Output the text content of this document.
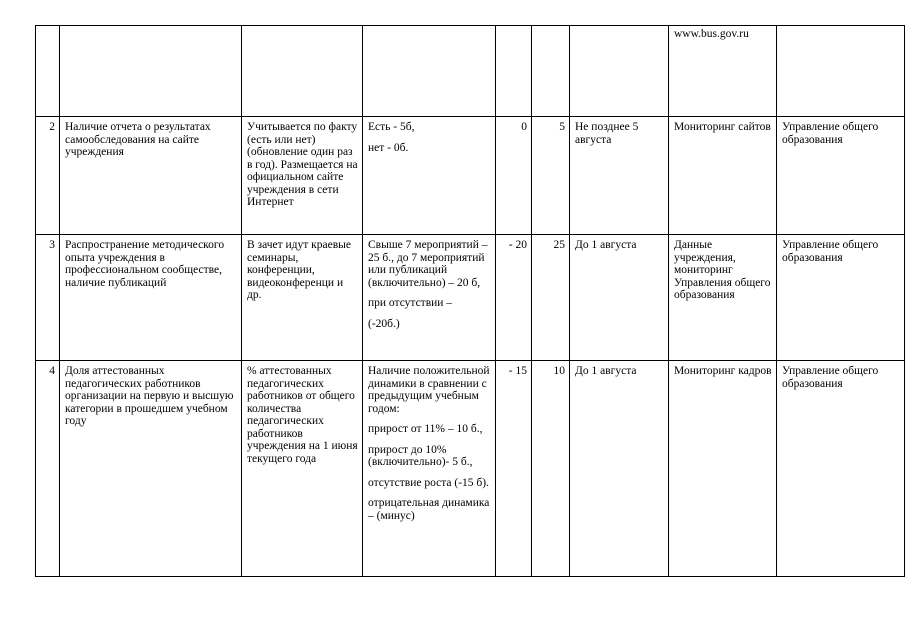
							www.bus.gov.ru	
2	Наличие отчета о результатах самообследования на сайте учреждения	Учитывается по факту (есть или нет) (обновление один раз в год). Размещается на официальном сайте учреждения в сети Интернет	Есть - 5б,

нет - 0б.	0	5	Не позднее 5 августа	Мониторинг сайтов	Управление общего образования
3	Распространение методического опыта учреждения в профессиональном сообществе, наличие публикаций	В зачет идут краевые семинары, конференции, видеоконференци и др.	Свыше 7 мероприятий – 25 б., до 7 мероприятий или публикаций (включительно) – 20 б,

при отсутствии –

(-20б.)	- 20	25	До 1 августа	Данные учреждения, мониторинг Управления общего образования	Управление общего образования
4	Доля аттестованных педагогических работников организации на первую и высшую категории в прошедшем учебном году	% аттестованных педагогических работников от общего количества педагогических работников учреждения на 1 июня текущего года	Наличие положительной динамики в сравнении с предыдущим учебным годом:

прирост от 11% – 10 б.,

прирост до 10% (включительно)- 5 б.,

отсутствие роста (-15 б).

отрицательная динамика – (минус)	- 15	10	До 1 августа	Мониторинг кадров	Управление общего образования
